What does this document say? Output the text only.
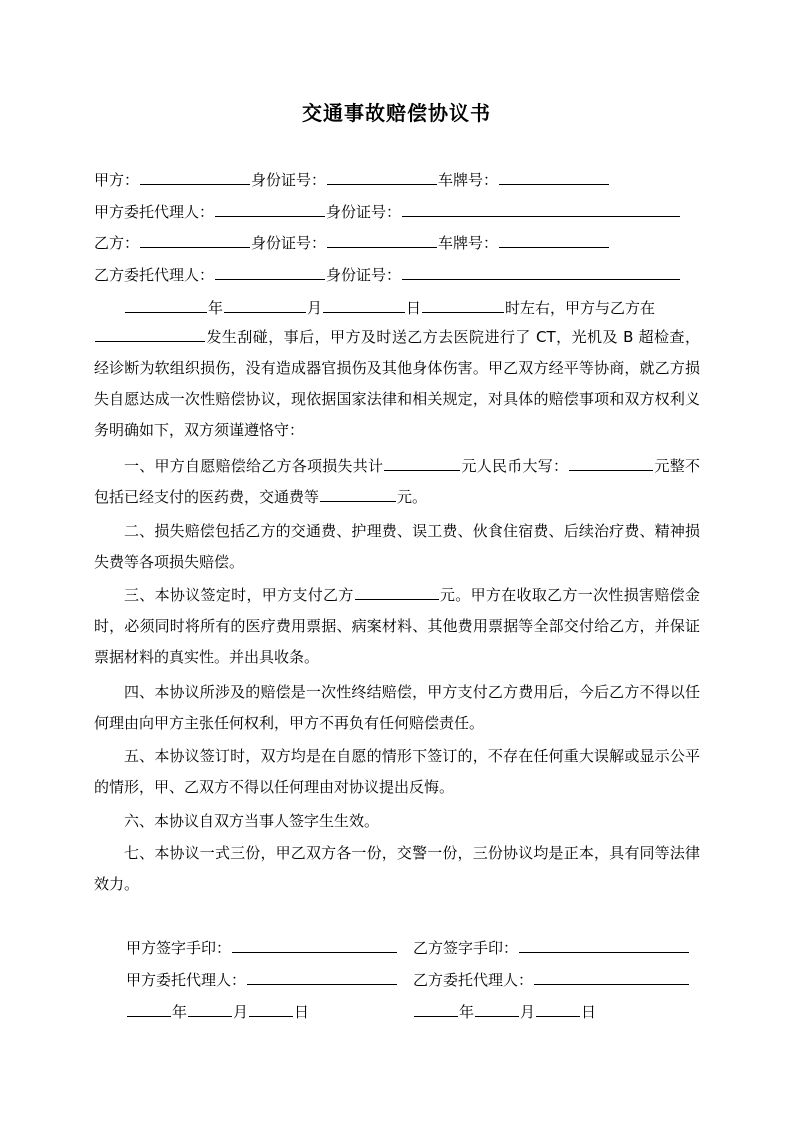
交通事故赔偿协议书
甲方：	身份证号：	车牌号：
甲方委托代理人：	身份证号：
乙方：	身份证号：	车牌号：
乙方委托代理人：	身份证号：
年	月	日	时左右，甲方与乙方在
发生刮碰，事后，甲方及时送乙方去医院进行了 CT，光机及 B 超检查，经诊断为软组织损伤，没有造成器官损伤及其他身体伤害。甲乙双方经平等协商，就乙方损失自愿达成一次性赔偿协议，现依据国家法律和相关规定，对具体的赔偿事项和双方权利义务明确如下，双方须谨遵恪守：
一、甲方自愿赔偿给乙方各项损失共计	元人民币大写：	元整不包括已经支付的医药费，交通费等	元。
二、损失赔偿包括乙方的交通费、护理费、误工费、伙食住宿费、后续治疗费、精神损失费等各项损失赔偿。
三、本协议签定时，甲方支付乙方	元。甲方在收取乙方一次性损害赔偿金时，必须同时将所有的医疗费用票据、病案材料、其他费用票据等全部交付给乙方，并保证票据材料的真实性。并出具收条。
四、本协议所涉及的赔偿是一次性终结赔偿，甲方支付乙方费用后，今后乙方不得以任何理由向甲方主张任何权利，甲方不再负有任何赔偿责任。
五、本协议签订时，双方均是在自愿的情形下签订的，不存在任何重大误解或显示公平的情形，甲、乙双方不得以任何理由对协议提出反悔。
六、本协议自双方当事人签字生生效。
七、本协议一式三份，甲乙双方各一份，交警一份，三份协议均是正本，具有同等法律效力。
甲方签字手印：	乙方签字手印：
甲方委托代理人：	乙方委托代理人：
年	月	日	年	月	日
